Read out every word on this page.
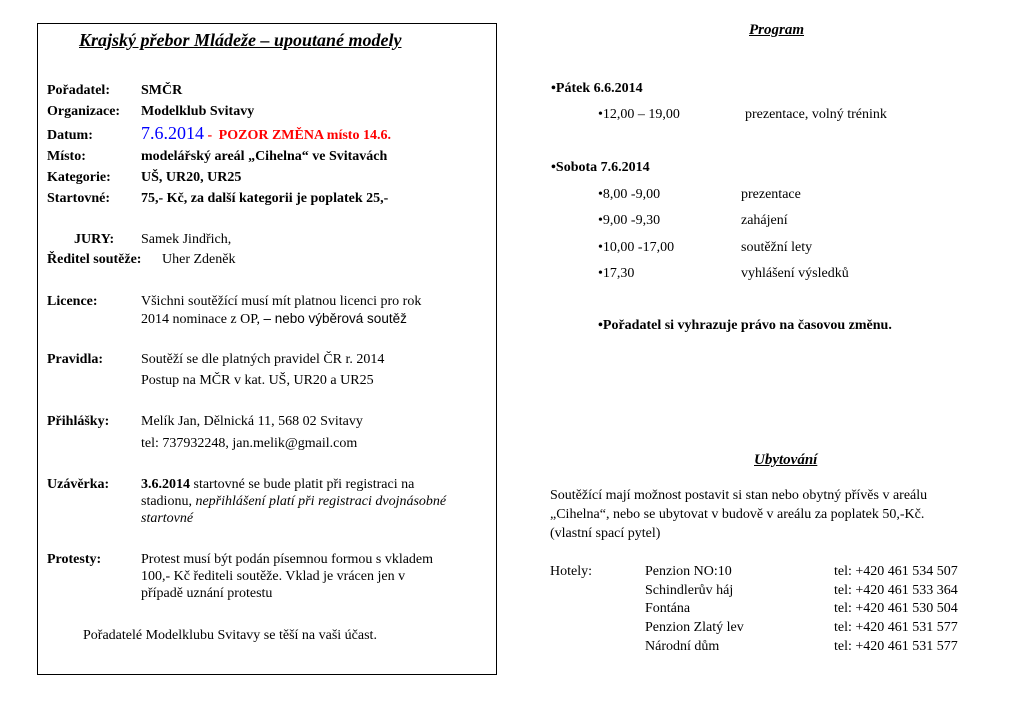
Krajský přebor Mládeže – upoutané modely
Pořadatel: SMČR
Organizace: Modelklub Svitavy
Datum:	7.6.2014 - POZOR ZMĚNA místo 14.6.
Místo:	modelářský areál „Cihelna“ ve Svitavách
Kategorie: UŠ, UR20, UR25
Startovné: 75,- Kč, za další kategorii je poplatek 25,-
JURY: Samek Jindřich,
Ředitel soutěže: Uher Zdeněk
Licence:	Všichni soutěžící musí mít platnou licenci pro rok
2014 nominace z OP, – nebo výběrová soutěž
Pravidla:	Soutěží se dle platných pravidel ČR r. 2014
Postup na MČR v kat. UŠ, UR20 a UR25
Přihlášky: Melík Jan, Dělnická 11, 568 02 Svitavy
tel: 737932248, jan.melik@gmail.com
Uzávěrka: 3.6.2014 startovné se bude platit při registraci na
stadionu, nepřihlášení platí při registraci dvojnásobné
startovné
Protesty:	Protest musí být podán písemnou formou s vkladem
100,- Kč řediteli soutěže. Vklad je vrácen jen v
případě uznání protestu
Pořadatelé Modelklubu Svitavy se těší na vaši účast.
Program
•Pátek 6.6.2014
•12,00 – 19,00	prezentace, volný trénink
•Sobota 7.6.2014
•8,00 -9,00	prezentace
•9,00 -9,30	zahájení
•10,00 -17,00	soutěžní lety
•17,30	vyhlášení výsledků
•Pořadatel si vyhrazuje právo na časovou změnu.
Ubytování
Soutěžící mají možnost postavit si stan nebo obytný přívěs v areálu
„Cihelna“, nebo se ubytovat v budově v areálu za poplatek 50,-Kč.
(vlastní spací pytel)
Hotely:	Penzion NO:10	tel: +420 461 534 507
Schindlerův háj	tel: +420 461 533 364
Fontána	tel: +420 461 530 504
Penzion Zlatý lev	tel: +420 461 531 577
Národní dům	tel: +420 461 531 577
